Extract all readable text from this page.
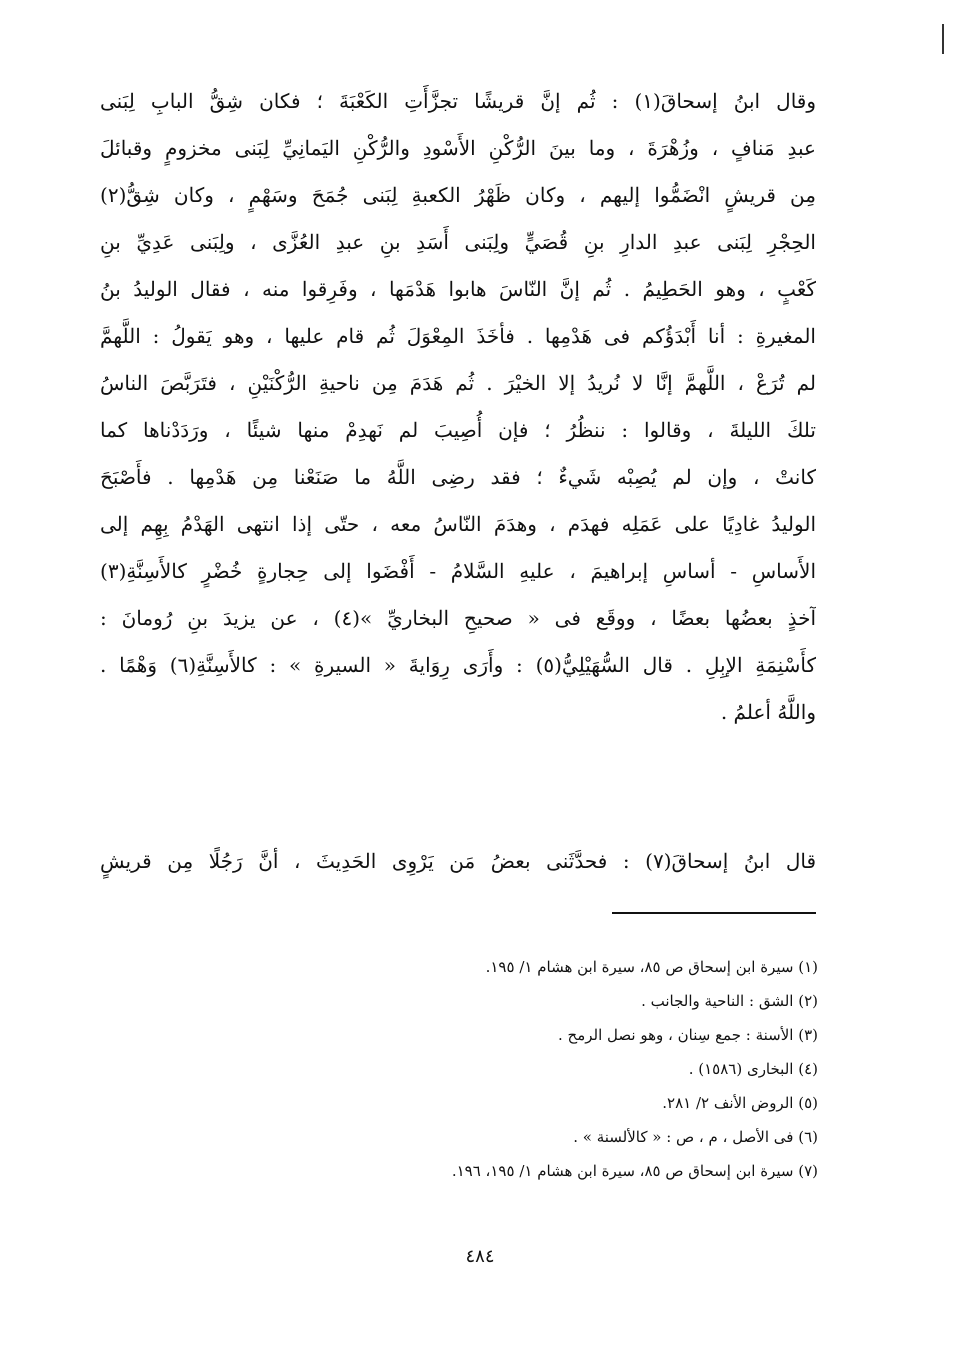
وقال ابنُ إسحاقَ(١) : ثُم إنَّ قريشًا تجزَّأَتِ الكَعْبَةَ ؛ فكان شِقُّ البابِ لِبَنى
عبدِ مَنافٍ ، وزُهْرَةَ ، وما بينَ الرُّكْنِ الأَسْودِ والرُّكْنِ اليَمانِيِّ لِبَنى مخزومٍ وقبائلَ
مِن قريشٍ انْضَمُّوا إليهم ، وكان ظَهْرُ الكعبةِ لِبَنى جُمَحَ وسَهْمٍ ، وكان شِقُّ(٢)
الحِجْرِ لِبَنى عبدِ الدارِ بنِ قُصَيٍّ ولِبَنى أَسَدِ بنِ عبدِ العُزَّى ، ولِبَنى عَدِيِّ بنِ
كَعْبٍ ، وهو الحَطِيمُ . ثُم إنَّ النّاسَ هابوا هَدْمَها ، وفَرِقوا منه ، فقال الوليدُ بنُ
المغيرةِ : أنا أَبْدَؤُكم فى هَدْمِها . فأخَذَ المِعْوَلَ ثُم قام عليها ، وهو يَقولُ : اللَّهمَّ
لم تُرَعْ ، اللَّهمَّ إنَّا لا نُريدُ إلا الخيْرَ . ثُم هَدَمَ مِن ناحيةِ الرُّكْنَيْنِ ، فتَرَبَّصَ الناسُ
تلكَ الليلةَ ، وقالوا : ننظُرُ ؛ فإن أُصِيبَ لم نَهدِمْ منها شيئًا ، ورَدَدْناها كما
كانتْ ، وإن لم يُصِبْه شَيءٌ ؛ فقد رضِى اللَّهُ ما صَنَعْنا مِن هَدْمِها . فأَصْبَحَ
الوليدُ غادِيًا على عَمَلِه فهدَم ، وهدَمَ النّاسُ معه ، حتّى إذا انتهى الهَدْمُ بِهِم إلى
الأَساسِ - أساسِ إبراهيمَ ، عليهِ السَّلامُ - أَفْضَوا إلى حِجارةٍ خُضْرٍ كالأَسِنَّةِ(٣)
آخذٍ بعضُها بعضًا ، ووقَع فى « صحيحِ البخاريِّ »(٤) ، عن يزيدَ بنِ رُومانَ :
كأَسْنِمَةِ الإبِلِ . قال السُّهَيْلِيُّ(٥) : وأَرَى رِوَايةَ « السيرةِ » : كالأَسِنَّةِ(٦) وَهْمًا .
واللَّهُ أعلمُ .
قال ابنُ إسحاقَ(٧) : فحدَّثَنى بعضُ مَن يَرْوِى الحَدِيثَ ، أنَّ رَجُلًا مِن قريشٍ
(١) سيرة ابن إسحاق ص ٨٥، سيرة ابن هشام ١/ ١٩٥.
(٢) الشق : الناحية والجانب .
(٣) الأسنة : جمع سِنان ، وهو نصل الرمح .
(٤) البخارى (١٥٨٦) .
(٥) الروض الأنف ٢/ ٢٨١.
(٦) فى الأصل ، م ، ص : « كالألسنة » .
(٧) سيرة ابن إسحاق ص ٨٥، سيرة ابن هشام ١/ ١٩٥، ١٩٦.
٤٨٤
